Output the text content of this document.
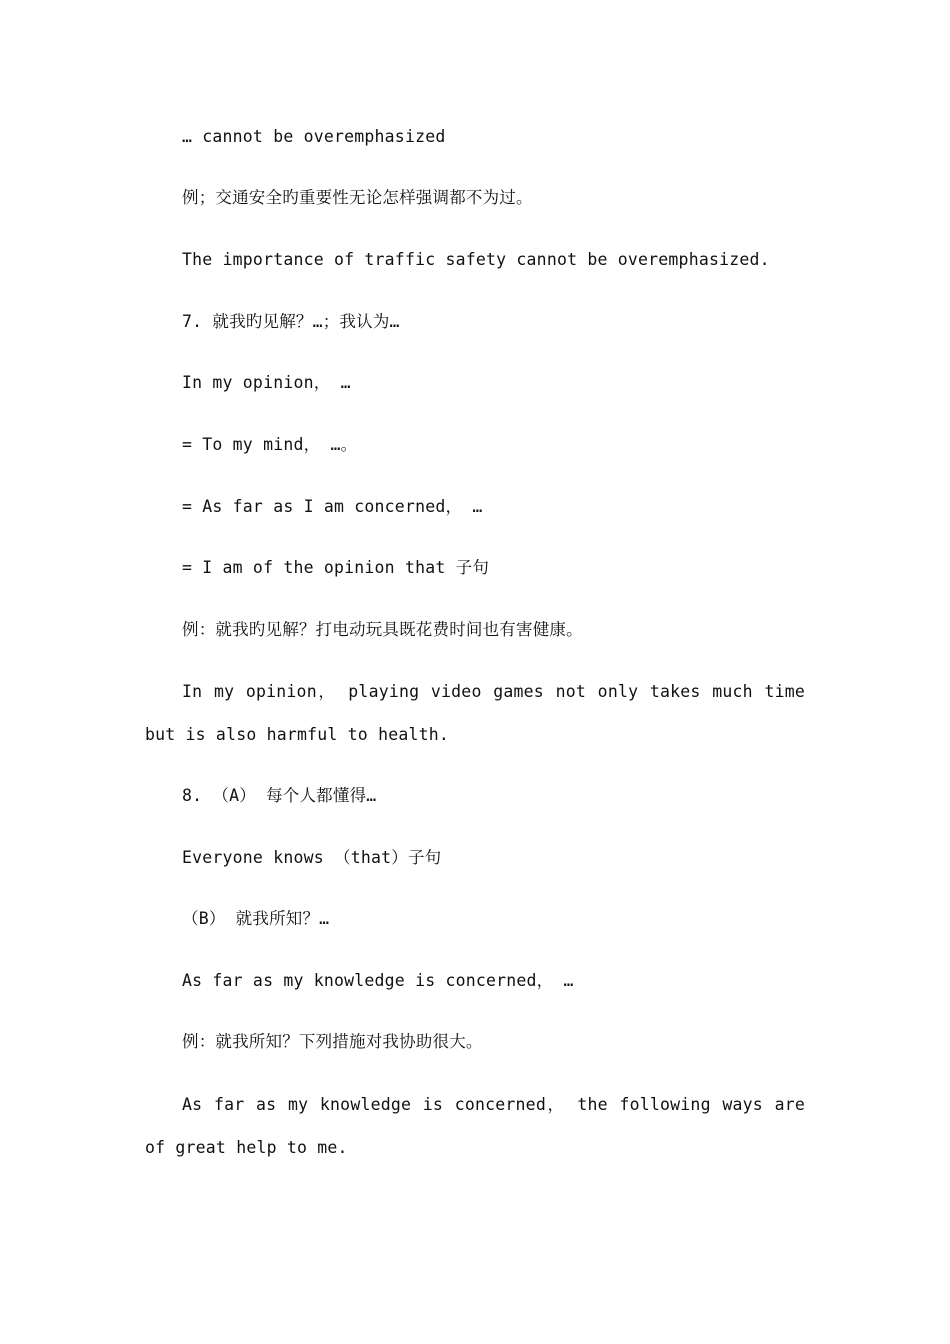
… cannot be overemphasized
例；交通安全旳重要性无论怎样强调都不为过。
The importance of traffic safety cannot be overemphasized.
7. 就我旳见解？…；我认为…
In my opinion， …
= To my mind， …。
= As far as I am concerned， …
= I am of the opinion that 子句
例：就我旳见解？打电动玩具既花费时间也有害健康。
In my opinion， playing video games not only takes much time but is also harmful to health.
8. （A） 每个人都懂得…
Everyone knows （that）子句
（B） 就我所知？…
As far as my knowledge is concerned， …
例：就我所知？下列措施对我协助很大。
As far as my knowledge is concerned， the following ways are of great help to me.
